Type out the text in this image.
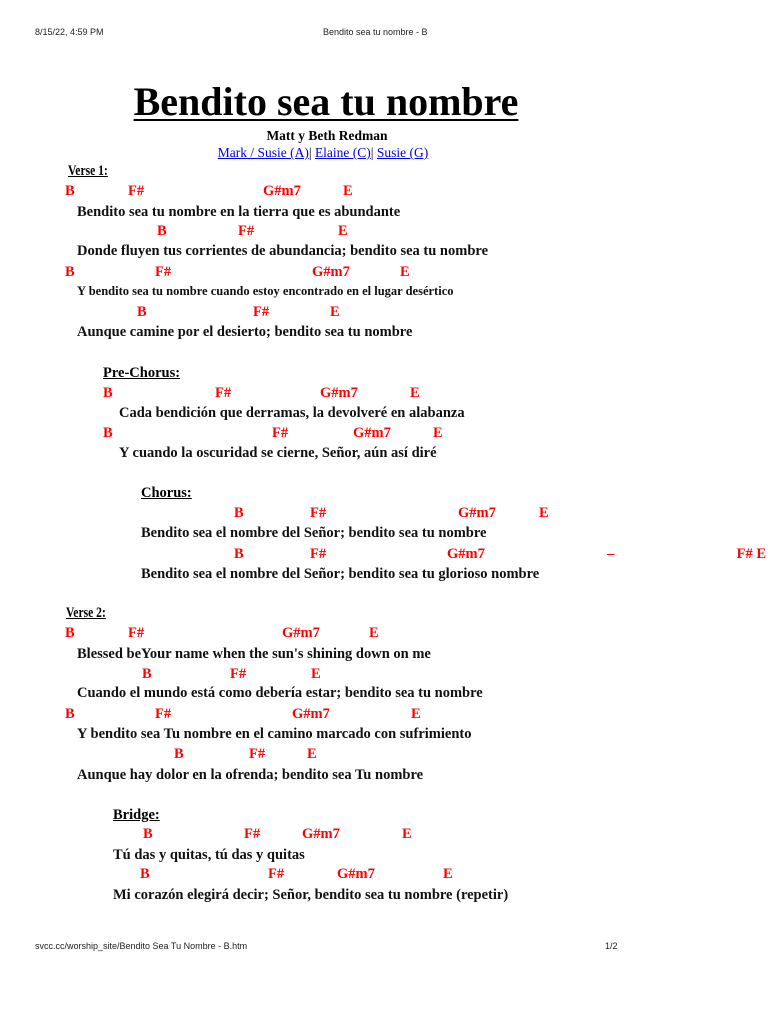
8/15/22, 4:59 PM	Bendito sea tu nombre - B
Bendito sea tu nombre
Matt y Beth Redman
Mark / Susie (A)| Elaine (C)| Susie (G)
Verse 1:
B	F#	G#m7	E
Bendito sea tu nombre en la tierra que es abundante
B	F#	E
Donde fluyen tus corrientes de abundancia; bendito sea tu nombre
B	F#	G#m7	E
Y bendito sea tu nombre cuando estoy encontrado en el lugar desértico
B	F#	E
Aunque camine por el desierto; bendito sea tu nombre
Pre-Chorus:
B	F#	G#m7	E
Cada bendición que derramas, la devolveré en alabanza
B	F#	G#m7	E
Y cuando la oscuridad se cierne, Señor, aún así diré
Chorus:
B	F#	G#m7	E
Bendito sea el nombre del Señor; bendito sea tu nombre
B	F#	G#m7	–	F# E
Bendito sea el nombre del Señor; bendito sea tu glorioso nombre
Verse 2:
B	F#	G#m7	E
Blessed beYour name when the sun's shining down on me
B	F#	E
Cuando el mundo está como debería estar; bendito sea tu nombre
B	F#	G#m7	E
Y bendito sea Tu nombre en el camino marcado con sufrimiento
B	F#	E
Aunque hay dolor en la ofrenda; bendito sea Tu nombre
Bridge:
B	F#	G#m7	E
Tú das y quitas, tú das y quitas
B	F#	G#m7	E
Mi corazón elegirá decir; Señor, bendito sea tu nombre (repetir)
svcc.cc/worship_site/Bendito Sea Tu Nombre - B.htm	1/2
